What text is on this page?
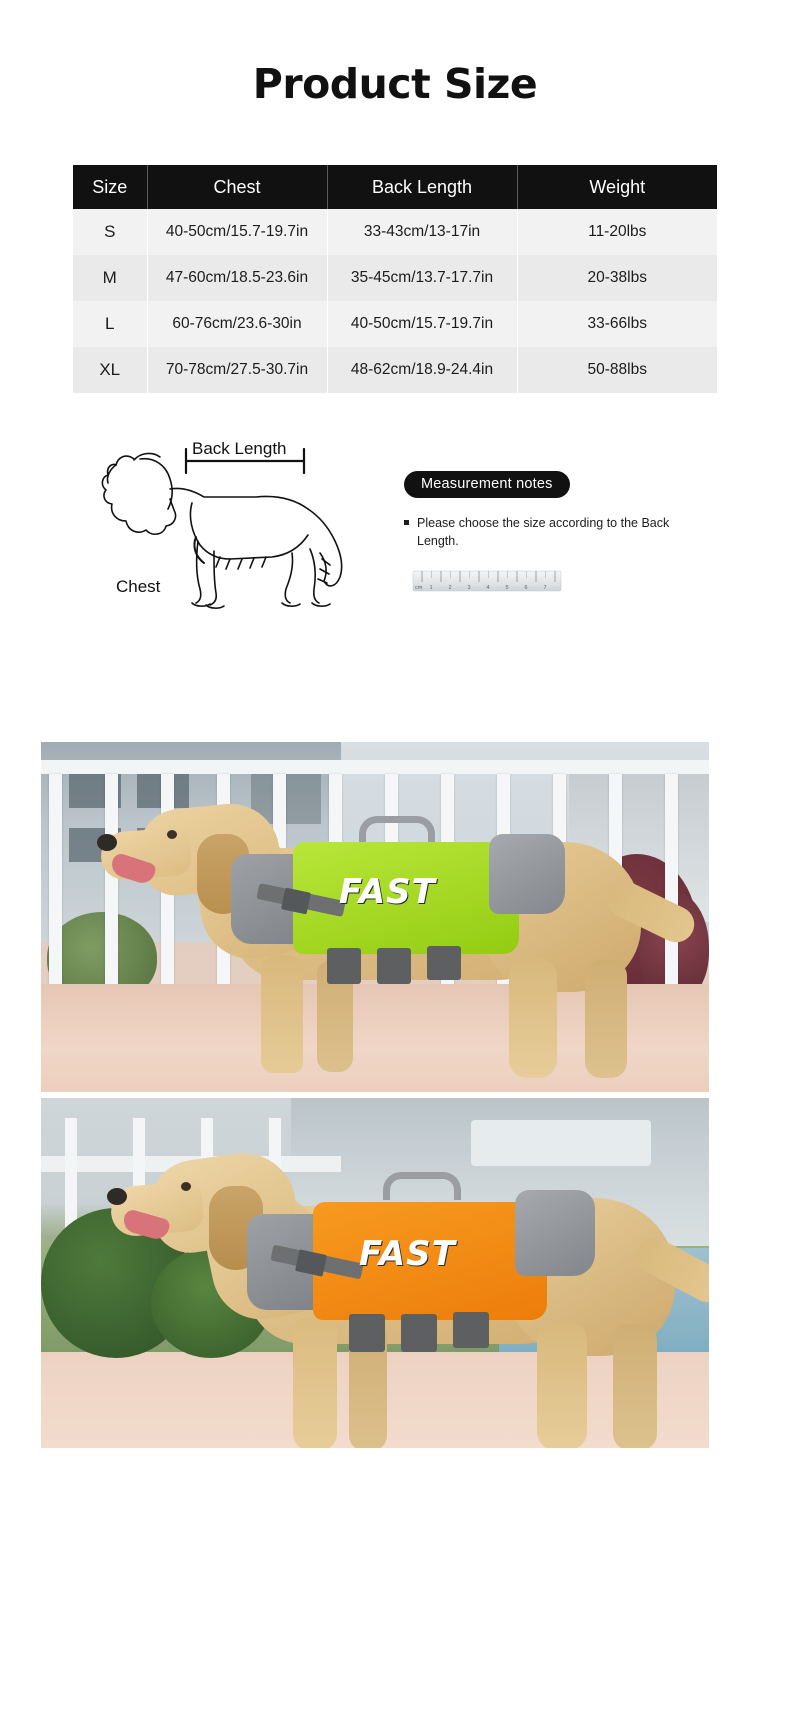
Product Size
Size	Chest	Back Length	Weight
S	40-50cm/15.7-19.7in	33-43cm/13-17in	11-20lbs
M	47-60cm/18.5-23.6in	35-45cm/13.7-17.7in	20-38lbs
L	60-76cm/23.6-30in	40-50cm/15.7-19.7in	33-66lbs
XL	70-78cm/27.5-30.7in	48-62cm/18.9-24.4in	50-88lbs
Back Length
Chest
Measurement notes
Please choose the size according to the Back Length.
cm 1 2 3 4 5 6 7
FAST
FAST
